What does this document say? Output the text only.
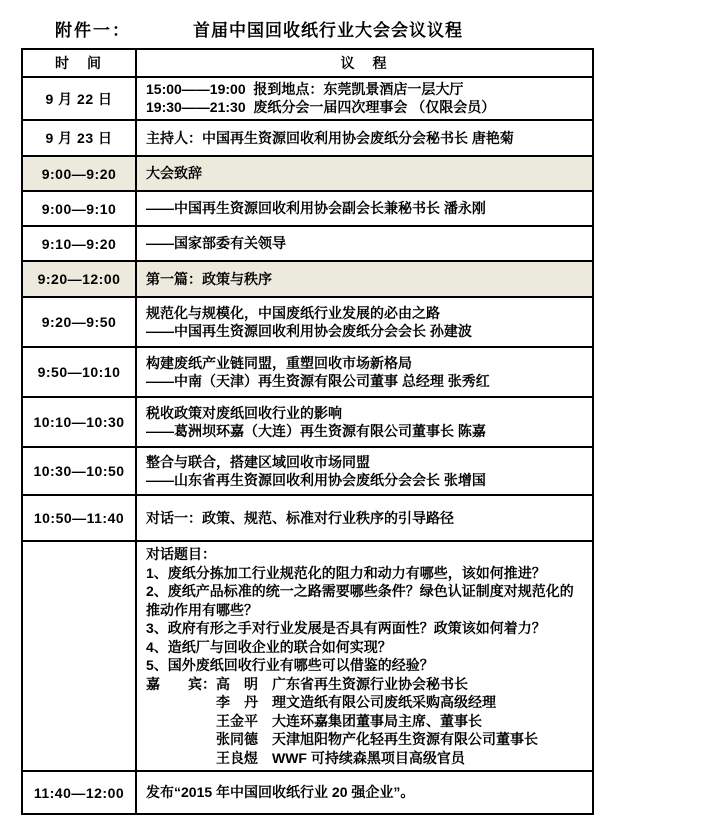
附件一：	首届中国回收纸行业大会会议议程
时　间	议　程
9 月 22 日	15:00——19:00  报到地点：东莞凯景酒店一层大厅
19:30——21:30  废纸分会一届四次理事会 （仅限会员）

9 月 23 日	主持人：中国再生资源回收利用协会废纸分会秘书长 唐艳菊

9:00—9:20	大会致辞

9:00—9:10	——中国再生资源回收利用协会副会长兼秘书长 潘永刚

9:10—9:20	——国家部委有关领导

9:20—12:00	第一篇：政策与秩序

9:20—9:50	规范化与规模化，中国废纸行业发展的必由之路
——中国再生资源回收利用协会废纸分会会长 孙建波

9:50—10:10	构建废纸产业链同盟，重塑回收市场新格局
——中南（天津）再生资源有限公司董事 总经理 张秀红

10:10—10:30	税收政策对废纸回收行业的影响
——葛洲坝环嘉（大连）再生资源有限公司董事长 陈嘉

10:30—10:50	整合与联合，搭建区域回收市场同盟
——山东省再生资源回收利用协会废纸分会会长 张增国

10:50—11:40	对话一：政策、规范、标准对行业秩序的引导路径

对话题目：
1、废纸分拣加工行业规范化的阻力和动力有哪些，该如何推进？
2、废纸产品标准的统一之路需要哪些条件？绿色认证制度对规范化的
推动作用有哪些？
3、政府有形之手对行业发展是否具有两面性？政策该如何着力？
4、造纸厂与回收企业的联合如何实现？
5、国外废纸回收行业有哪些可以借鉴的经验？
嘉　　宾：高　明　广东省再生资源行业协会秘书长
　　　　　李　丹　理文造纸有限公司废纸采购高级经理
　　　　　王金平　大连环嘉集团董事局主席、董事长
　　　　　张同德　天津旭阳物产化轻再生资源有限公司董事长
　　　　　王良煜　WWF 可持续森黑项目高级官员

11:40—12:00	发布“2015 年中国回收纸行业 20 强企业”。
